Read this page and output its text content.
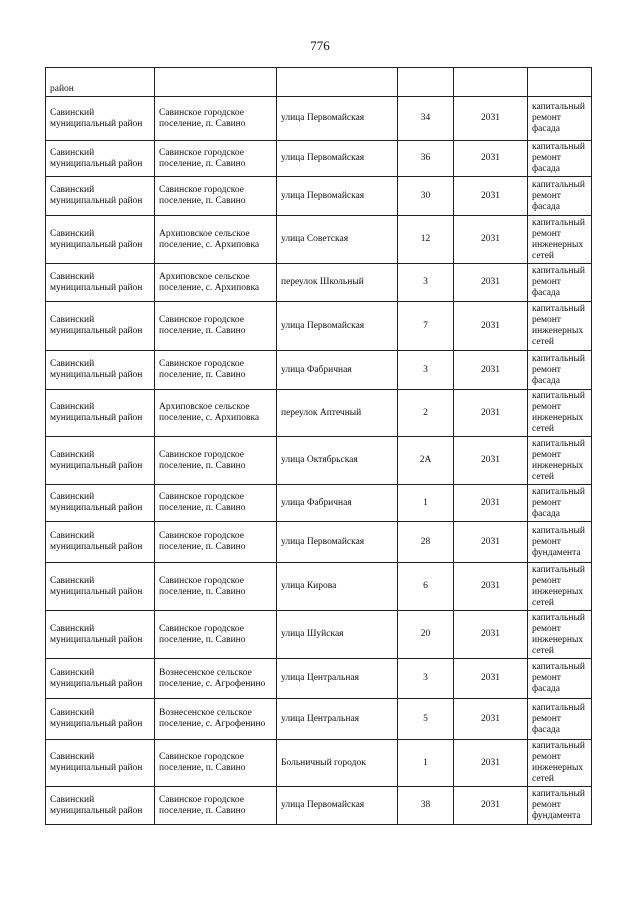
776
район					
Савинский муниципальный район	Савинское городское поселение, п. Савино	улица Первомайская	34	2031	капитальный ремонт фасада
Савинский муниципальный район	Савинское городское поселение, п. Савино	улица Первомайская	36	2031	капитальный ремонт фасада
Савинский муниципальный район	Савинское городское поселение, п. Савино	улица Первомайская	30	2031	капитальный ремонт фасада
Савинский муниципальный район	Архиповское сельское поселение, с. Архиповка	улица Советская	12	2031	капитальный ремонт инженерных сетей
Савинский муниципальный район	Архиповское сельское поселение, с. Архиповка	переулок Школьный	3	2031	капитальный ремонт фасада
Савинский муниципальный район	Савинское городское поселение, п. Савино	улица Первомайская	7	2031	капитальный ремонт инженерных сетей
Савинский муниципальный район	Савинское городское поселение, п. Савино	улица Фабричная	3	2031	капитальный ремонт фасада
Савинский муниципальный район	Архиповское сельское поселение, с. Архиповка	переулок Аптечный	2	2031	капитальный ремонт инженерных сетей
Савинский муниципальный район	Савинское городское поселение, п. Савино	улица Октябрьская	2А	2031	капитальный ремонт инженерных сетей
Савинский муниципальный район	Савинское городское поселение, п. Савино	улица Фабричная	1	2031	капитальный ремонт фасада
Савинский муниципальный район	Савинское городское поселение, п. Савино	улица Первомайская	28	2031	капитальный ремонт фундамента
Савинский муниципальный район	Савинское городское поселение, п. Савино	улица Кирова	6	2031	капитальный ремонт инженерных сетей
Савинский муниципальный район	Савинское городское поселение, п. Савино	улица Шуйская	20	2031	капитальный ремонт инженерных сетей
Савинский муниципальный район	Вознесенское сельское поселение, с. Агрофенино	улица Центральная	3	2031	капитальный ремонт фасада
Савинский муниципальный район	Вознесенское сельское поселение, с. Агрофенино	улица Центральная	5	2031	капитальный ремонт фасада
Савинский муниципальный район	Савинское городское поселение, п. Савино	Больничный городок	1	2031	капитальный ремонт инженерных сетей
Савинский муниципальный район	Савинское городское поселение, п. Савино	улица Первомайская	38	2031	капитальный ремонт фундамента
